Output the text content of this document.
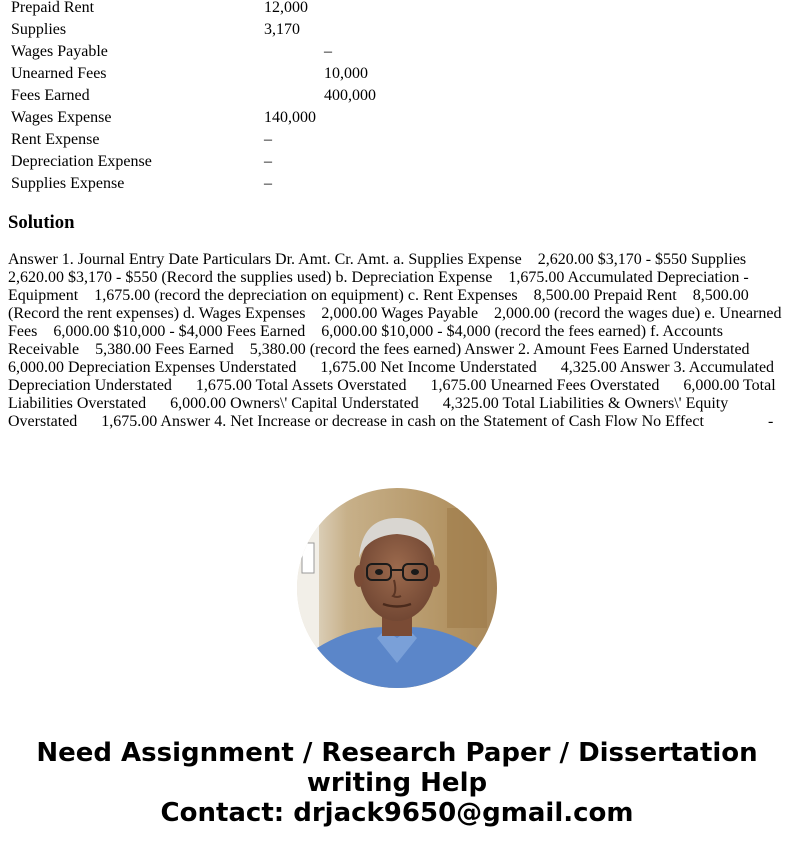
Prepaid Rent	12,000	
Supplies	3,170	
Wages Payable		–
Unearned Fees		10,000
Fees Earned		400,000
Wages Expense	140,000	
Rent Expense	–	
Depreciation Expense	–	
Supplies Expense	–	
Solution

Answer 1. Journal Entry Date Particulars Dr. Amt. Cr. Amt. a. Supplies Expense    2,620.00 $3,170 - $550 Supplies    2,620.00 $3,170 - $550 (Record the supplies used) b. Depreciation Expense    1,675.00 Accumulated Depreciation - Equipment    1,675.00 (record the depreciation on equipment) c. Rent Expenses    8,500.00 Prepaid Rent    8,500.00 (Record the rent expenses) d. Wages Expenses    2,000.00 Wages Payable    2,000.00 (record the wages due) e. Unearned Fees    6,000.00 $10,000 - $4,000 Fees Earned    6,000.00 $10,000 - $4,000 (record the fees earned) f. Accounts Receivable    5,380.00 Fees Earned    5,380.00 (record the fees earned) Answer 2. Amount Fees Earned Understated      6,000.00 Depreciation Expenses Understated      1,675.00 Net Income Understated      4,325.00 Answer 3. Accumulated Depreciation Understated      1,675.00 Total Assets Overstated      1,675.00 Unearned Fees Overstated      6,000.00 Total Liabilities Overstated      6,000.00 Owners\' Capital Understated      4,325.00 Total Liabilities & Owners\' Equity Overstated      1,675.00 Answer 4. Net Increase or decrease in cash on the Statement of Cash Flow No Effect                -

Need Assignment / Research Paper / Dissertation
writing Help
Contact: drjack9650@gmail.com
